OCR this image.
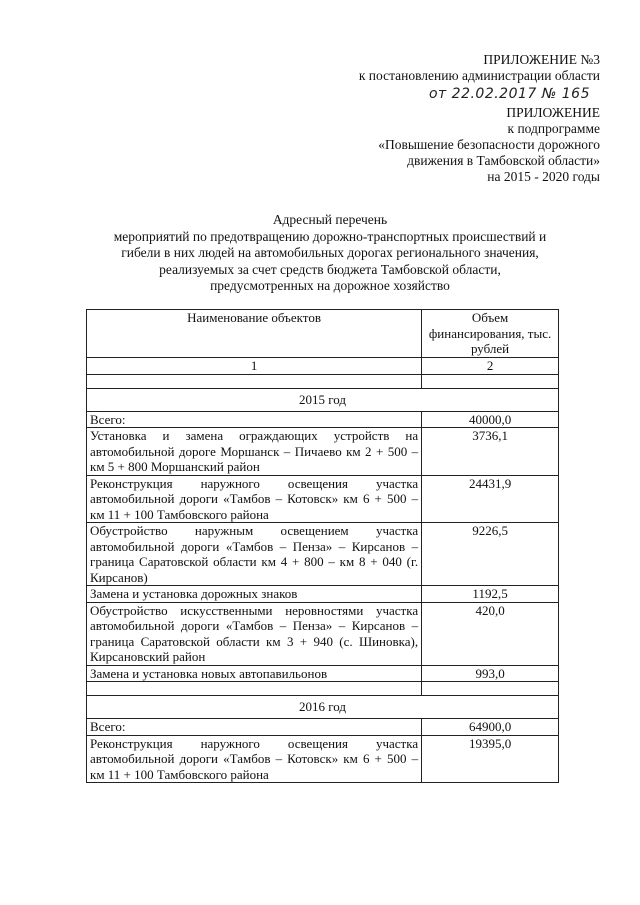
ПРИЛОЖЕНИЕ №3
к постановлению администрации области
от 22.02.2017 № 165
ПРИЛОЖЕНИЕ
к подпрограмме
«Повышение безопасности дорожного
движения в Тамбовской области»
на 2015 - 2020 годы
Адресный перечень
мероприятий по предотвращению дорожно-транспортных происшествий и
гибели в них людей на автомобильных дорогах регионального значения,
реализуемых за счет средств бюджета Тамбовской области,
предусмотренных на дорожное хозяйство
Наименование объектов	Объем финансирования, тыс. рублей
1	2

2015 год	
Всего:	40000,0
Установка и замена ограждающих устройств на автомобильной дороге Моршанск – Пичаево км 2 + 500 – км 5 + 800 Моршанский район	3736,1
Реконструкция наружного освещения участка автомобильной дороги «Тамбов – Котовск» км 6 + 500 – км 11 + 100 Тамбовского района	24431,9
Обустройство наружным освещением участка автомобильной дороги «Тамбов – Пенза» – Кирсанов – граница Саратовской области км 4 + 800 – км 8 + 040 (г. Кирсанов)	9226,5
Замена и установка дорожных знаков	1192,5
Обустройство искусственными неровностями участка автомобильной дороги «Тамбов – Пенза» – Кирсанов – граница Саратовской области км 3 + 940 (с. Шиновка), Кирсановский район	420,0
Замена и установка новых автопавильонов	993,0

2016 год	
Всего:	64900,0
Реконструкция наружного освещения участка автомобильной дороги «Тамбов – Котовск» км 6 + 500 – км 11 + 100 Тамбовского района	19395,0
